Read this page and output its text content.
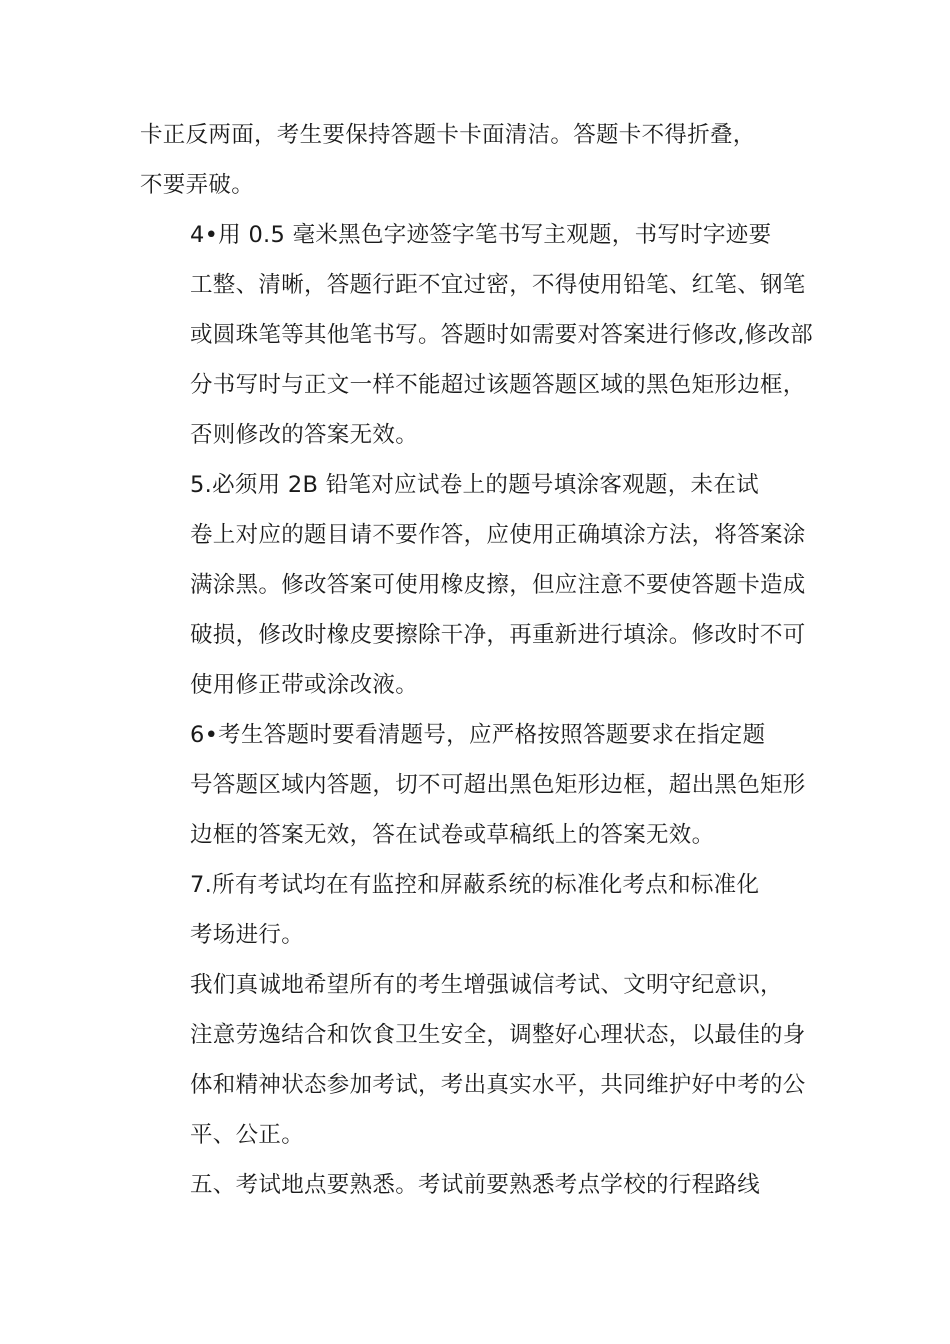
卡正反两面，考生要保持答题卡卡面清洁。答题卡不得折叠，
不要弄破。

4•用 0.5 毫米黑色字迹签字笔书写主观题，书写时字迹要
工整、清晰，答题行距不宜过密，不得使用铅笔、红笔、钢笔
或圆珠笔等其他笔书写。答题时如需要对答案进行修改,修改部
分书写时与正文一样不能超过该题答题区域的黑色矩形边框，
否则修改的答案无效。

5.必须用 2B 铅笔对应试卷上的题号填涂客观题，未在试
卷上对应的题目请不要作答，应使用正确填涂方法，将答案涂
满涂黑。修改答案可使用橡皮擦，但应注意不要使答题卡造成
破损，修改时橡皮要擦除干净，再重新进行填涂。修改时不可
使用修正带或涂改液。

6•考生答题时要看清题号，应严格按照答题要求在指定题
号答题区域内答题，切不可超出黑色矩形边框，超出黑色矩形
边框的答案无效，答在试卷或草稿纸上的答案无效。

7.所有考试均在有监控和屏蔽系统的标准化考点和标准化
考场进行。

我们真诚地希望所有的考生增强诚信考试、文明守纪意识，
注意劳逸结合和饮食卫生安全，调整好心理状态，以最佳的身
体和精神状态参加考试，考出真实水平，共同维护好中考的公
平、公正。

五、考试地点要熟悉。考试前要熟悉考点学校的行程路线
